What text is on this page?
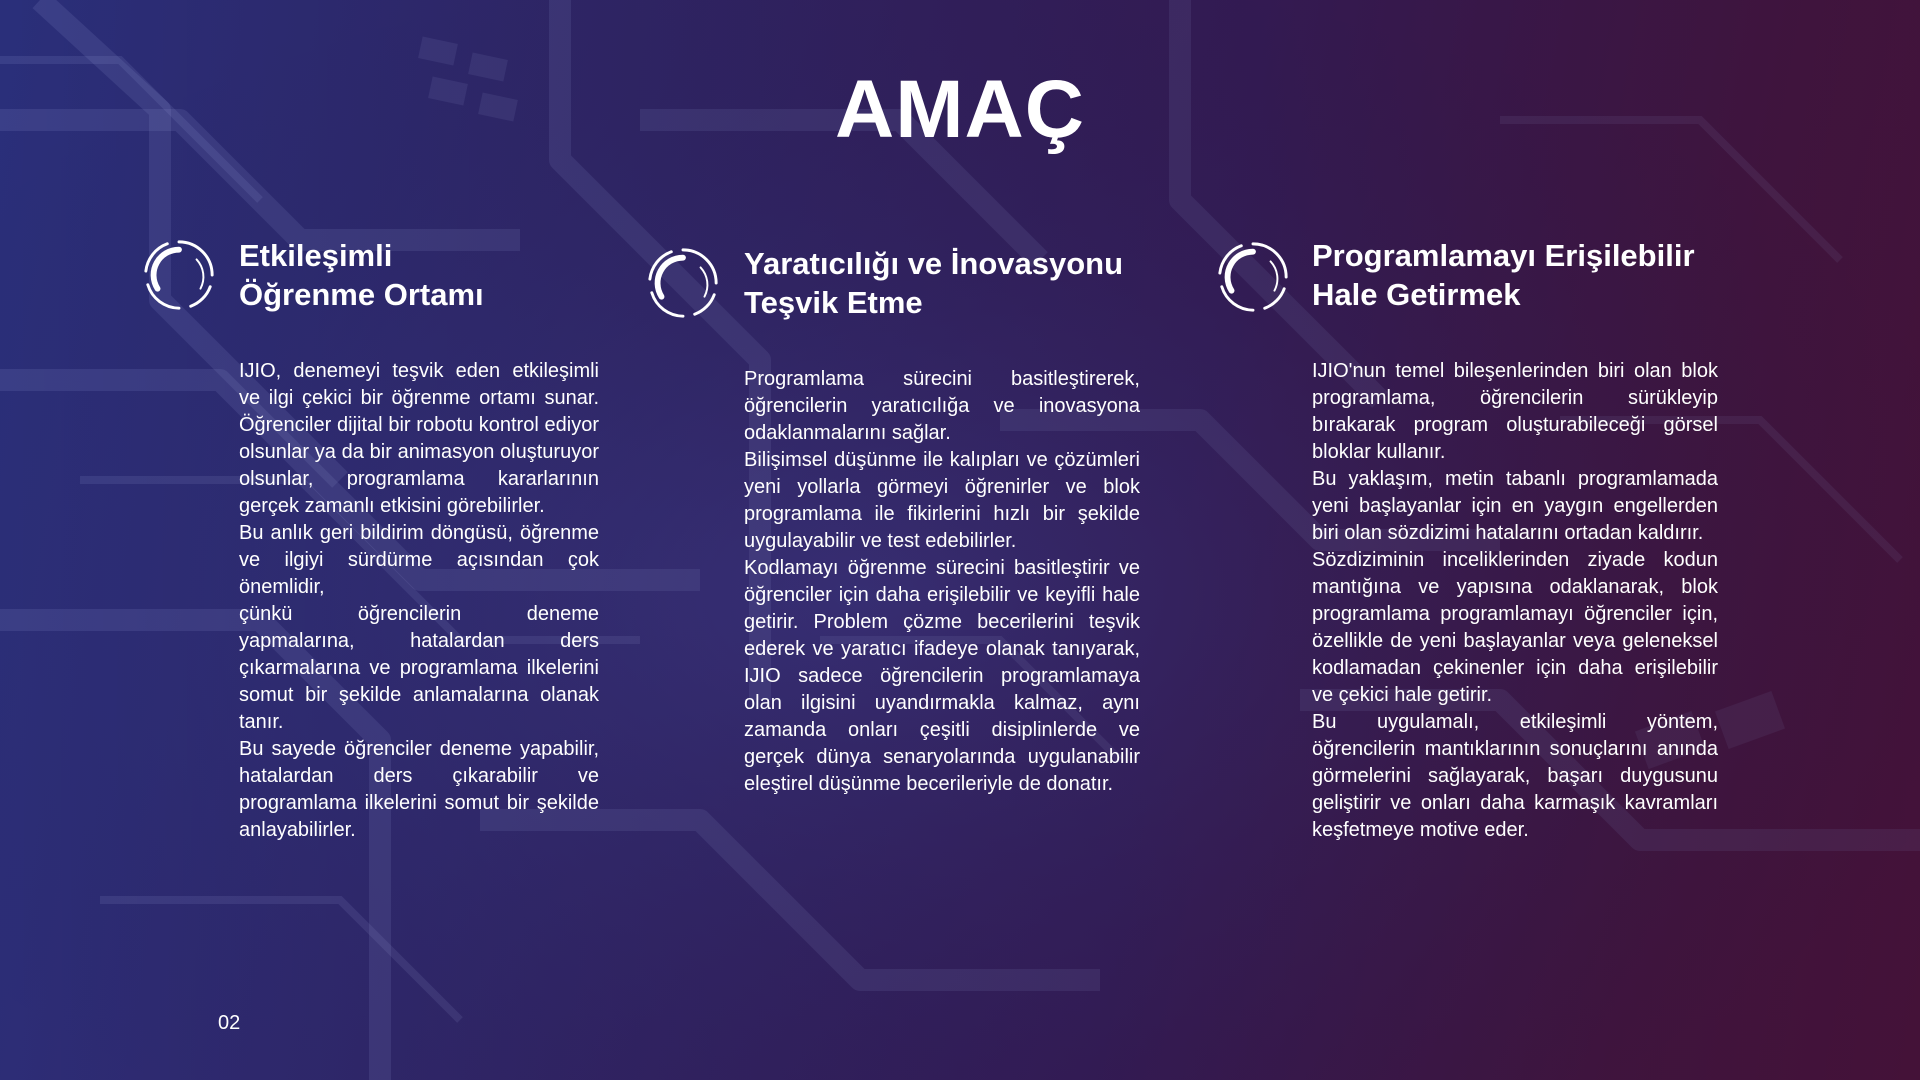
AMAÇ
Etkileşimli
Öğrenme Ortamı

IJIO, denemeyi teşvik eden etkileşimli ve ilgi çekici bir öğrenme ortamı sunar. Öğrenciler dijital bir robotu kontrol ediyor olsunlar ya da bir animasyon oluşturuyor olsunlar, programlama kararlarının gerçek zamanlı etkisini görebilirler.

Bu anlık geri bildirim döngüsü, öğrenme ve ilgiyi sürdürme açısından çok önemlidir,

çünkü öğrencilerin deneme yapmalarına, hatalardan ders çıkarmalarına ve programlama ilkelerini somut bir şekilde anlamalarına olanak tanır.

Bu sayede öğrenciler deneme yapabilir, hatalardan ders çıkarabilir ve programlama ilkelerini somut bir şekilde anlayabilirler.

Yaratıcılığı ve İnovasyonu
Teşvik Etme

Programlama sürecini basitleştirerek, öğrencilerin yaratıcılığa ve inovasyona odaklanmalarını sağlar.

Bilişimsel düşünme ile kalıpları ve çözümleri yeni yollarla görmeyi öğrenirler ve blok programlama ile fikirlerini hızlı bir şekilde uygulayabilir ve test edebilirler.

Kodlamayı öğrenme sürecini basitleştirir ve öğrenciler için daha erişilebilir ve keyifli hale getirir. Problem çözme becerilerini teşvik ederek ve yaratıcı ifadeye olanak tanıyarak, IJIO sadece öğrencilerin programlamaya olan ilgisini uyandırmakla kalmaz, aynı zamanda onları çeşitli disiplinlerde ve gerçek dünya senaryolarında uygulanabilir eleştirel düşünme becerileriyle de donatır.

Programlamayı Erişilebilir
Hale Getirmek

IJIO'nun temel bileşenlerinden biri olan blok programlama, öğrencilerin sürükleyip bırakarak program oluşturabileceği görsel bloklar kullanır.

Bu yaklaşım, metin tabanlı programlamada yeni başlayanlar için en yaygın engellerden biri olan sözdizimi hatalarını ortadan kaldırır.

Sözdiziminin inceliklerinden ziyade kodun mantığına ve yapısına odaklanarak, blok programlama programlamayı öğrenciler için, özellikle de yeni başlayanlar veya geleneksel kodlamadan çekinenler için daha erişilebilir ve çekici hale getirir.

Bu uygulamalı, etkileşimli yöntem, öğrencilerin mantıklarının sonuçlarını anında görmelerini sağlayarak, başarı duygusunu geliştirir ve onları daha karmaşık kavramları keşfetmeye motive eder.

02
